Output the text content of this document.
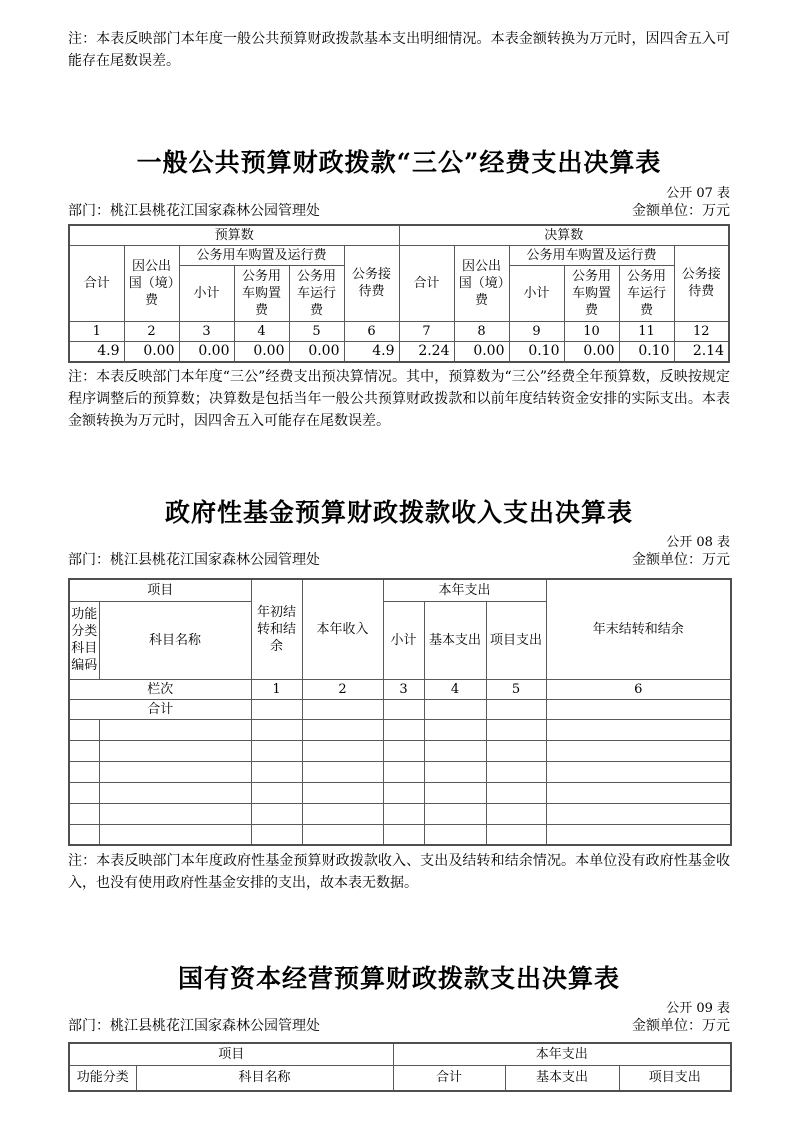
注：本表反映部门本年度一般公共预算财政拨款基本支出明细情况。本表金额转换为万元时，因四舍五入可能存在尾数误差。

一般公共预算财政拨款“三公”经费支出决算表
公开 07 表
部门：桃江县桃花江国家森林公园管理处	金额单位：万元
预算数						决算数					
合计	因公出国（境）费	公务用车购置及运行费			公务接待费	合计	因公出国（境）费	公务用车购置及运行费			公务接待费
		小计	公务用车购置费	公务用车运行费				小计	公务用车购置费	公务用车运行费	
1	2	3	4	5	6	7	8	9	10	11	12
4.9	0.00	0.00	0.00	0.00	4.9	2.24	0.00	0.10	0.00	0.10	2.14

注：本表反映部门本年度“三公”经费支出预决算情况。其中，预算数为“三公”经费全年预算数，反映按规定程序调整后的预算数；决算数是包括当年一般公共预算财政拨款和以前年度结转资金安排的实际支出。本表金额转换为万元时，因四舍五入可能存在尾数误差。

政府性基金预算财政拨款收入支出决算表
公开 08 表
部门：桃江县桃花江国家森林公园管理处	金额单位：万元
项目		年初结转和结余	本年收入	本年支出			年末结转和结余
功能分类科目编码	科目名称			小计	基本支出	项目支出	
栏次		1	2	3	4	5	6
合计							

注：本表反映部门本年度政府性基金预算财政拨款收入、支出及结转和结余情况。本单位没有政府性基金收入，也没有使用政府性基金安排的支出，故本表无数据。

国有资本经营预算财政拨款支出决算表
公开 09 表
部门：桃江县桃花江国家森林公园管理处	金额单位：万元
项目		本年支出		
功能分类	科目名称	合计	基本支出	项目支出
